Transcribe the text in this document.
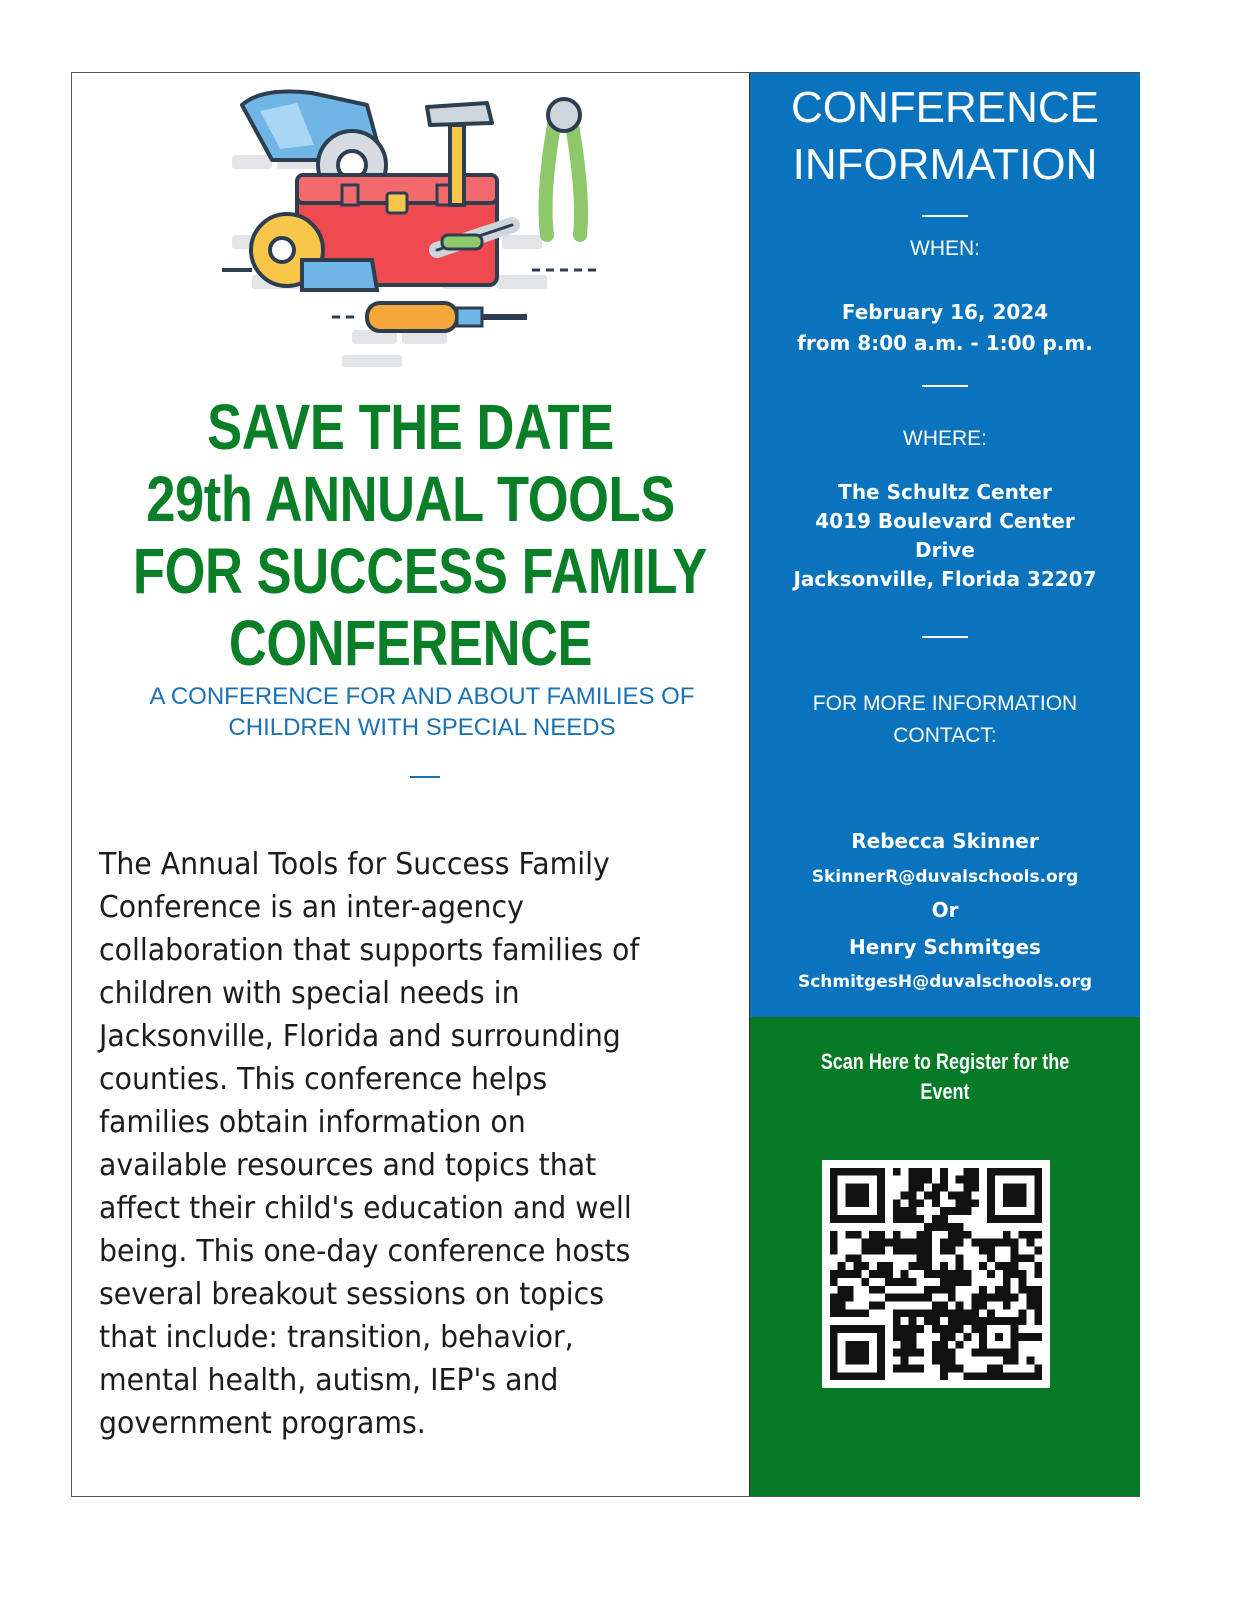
SAVE THE DATE
29th ANNUAL TOOLS
FOR SUCCESS FAMILY
CONFERENCE
A CONFERENCE FOR AND ABOUT FAMILIES OF
CHILDREN WITH SPECIAL NEEDS
The Annual Tools for Success Family
Conference is an inter-agency
collaboration that supports families of
children with special needs in
Jacksonville, Florida and surrounding
counties. This conference helps
families obtain information on
available resources and topics that
affect their child's education and well
being. This one-day conference hosts
several breakout sessions on topics
that include: transition, behavior,
mental health, autism, IEP's and
government programs.
CONFERENCE
INFORMATION
WHEN:
February 16, 2024
from 8:00 a.m. - 1:00 p.m.
WHERE:
The Schultz Center
4019 Boulevard Center
Drive
Jacksonville, Florida 32207
FOR MORE INFORMATION
CONTACT:
Rebecca Skinner
SkinnerR@duvalschools.org
Or
Henry Schmitges
SchmitgesH@duvalschools.org
Scan Here to Register for the
Event
